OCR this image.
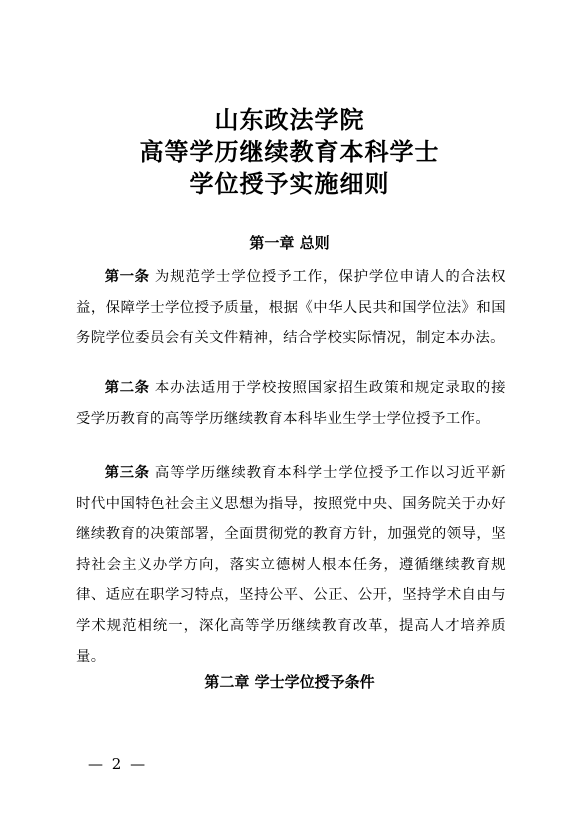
山东政法学院
高等学历继续教育本科学士
学位授予实施细则
第一章 总则

第一条 为规范学士学位授予工作，保护学位申请人的合法权益，保障学士学位授予质量，根据《中华人民共和国学位法》和国务院学位委员会有关文件精神，结合学校实际情况，制定本办法。

第二条 本办法适用于学校按照国家招生政策和规定录取的接受学历教育的高等学历继续教育本科毕业生学士学位授予工作。

第三条 高等学历继续教育本科学士学位授予工作以习近平新时代中国特色社会主义思想为指导，按照党中央、国务院关于办好继续教育的决策部署，全面贯彻党的教育方针，加强党的领导，坚持社会主义办学方向，落实立德树人根本任务，遵循继续教育规律、适应在职学习特点，坚持公平、公正、公开，坚持学术自由与学术规范相统一，深化高等学历继续教育改革，提高人才培养质量。

第二章 学士学位授予条件
— 2 —
